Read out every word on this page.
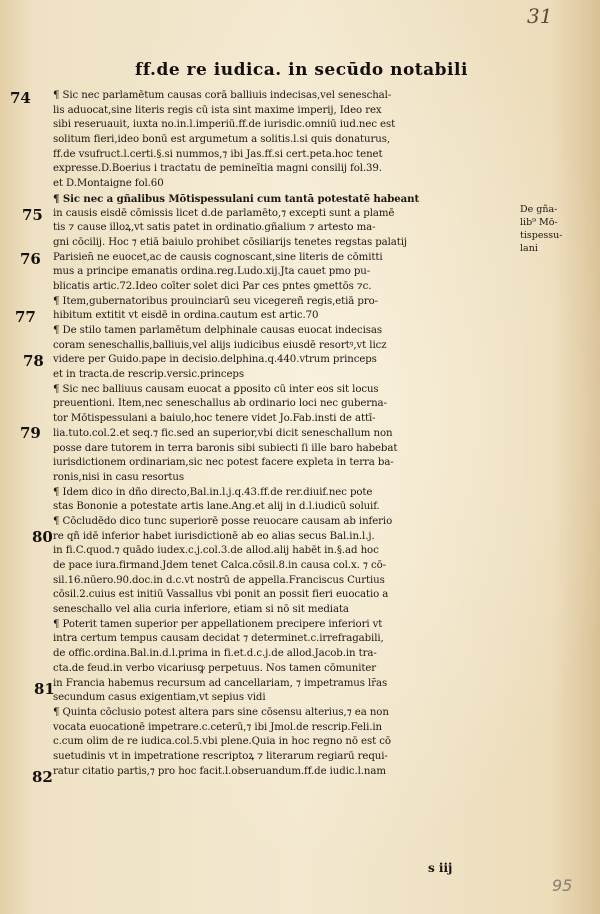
31
ff.de re iudica. in secūdo notabili
74
75
76
77
78
79
80
81
82
¶ Sic nec parlamētum causas corā balliuis indecisas,vel seneschal-
lis aduocat,sine literis regis cū ista sint maxime imperij, Ideo rex
sibi reseruauit, iuxta no.in.l.imperiū.ff.de iurisdic.omniū iud.nec est
solitum fieri,ideo bonū est argumetum a solitis.l.si quis donaturus,
ff.de vsufruct.l.certi.§.si nummos,⁊ ibi Jas.ff.si cert.peta.hoc tenet
expresse.D.Boerius i tractatu de pemineītia magni consilij fol.39.
et D.Montaigne fol.60
¶ Sic nec a gñalibus Mōtispessulani cum tantā potestatē habeant
in causis eisdē cōmissis licet d.de parlamēto,⁊ excepti sunt a plamē
tis ⁊ cause illoꝝ,vt satis patet in ordinatio.gñalium ⁊ artesto ma-
gni cōcilij. Hoc ⁊ etiā baiulo prohibet cōsiliarijs tenetes regstas palatij
Parisien̄ ne euocet,ac de causis cognoscant,sine literis de cōmitti
mus a principe emanatis ordina.reg.Ludo.xij.Jta cauet pmo pu-
blicatis artic.72.Ideo coīter solet dici Par ces pntes ꝯmettōs ⁊c.
¶ Item,gubernatoribus prouinciarū seu vicegereñ regis,etiā pro-
hibitum extitit vt eisdē in ordina.cautum est artic.70
¶ De stilo tamen parlamētum delphinale causas euocat indecisas
coram seneschallis,balliuis,vel alijs iudicibus eiusdē resortꝰ,vt licz
videre per Guido.pape in decisio.delphina.q.440.vtrum princeps
et in tracta.de rescrip.versic.princeps
¶ Sic nec balliuus causam euocat a ꝑposito cū inter eos sit locus
preuentioni. Item,nec seneschallus ab ordinario loci nec guberna-
tor Mōtispessulani a baiulo,hoc tenere videt Jo.Fab.insti de attī-
lia.tuto.col.2.et seq.⁊ fic.sed an superior,vbi dicit seneschallum non
posse dare tutorem in terra baronis sibi subiecti ſi ille baro habebat
iurisdictionem ordinariam,sic nec potest facere expleta in terra ba-
ronis,nisi in casu resortus
¶ Idem dico in dño directo,Bal.in.l.j.q.43.ff.de rer.diuif.nec pote
stas Bononie a potestate artis lane.Ang.et alij in d.l.iudicū soluif.
¶ Cōcludēdo dico tunc superiorē posse reuocare causam ab inferio
re qñ idē inferior habet iurisdictionē ab eo alias secus Bal.in.l.j.
in fi.C.quod.⁊ quādo iudex.c.j.col.3.de allod.alij habēt in.§.ad hoc
de pace iura.firmand.Jdem tenet Calca.cōsil.8.in causa col.x. ⁊ cō-
sil.16.nūero.90.doc.in d.c.vt nostrū de appella.Franciscus Curtius
cōsil.2.cuius est initiū Vassallus vbi ponit an possit fieri euocatio a
seneschallo vel alia curia inferiore, etiam si nō sit mediata
¶ Poterit tamen superior per appellationem precipere inferiori vt
intra certum tempus causam decidat ⁊ determinet.c.irrefragabili,
de offic.ordina.Bal.in.d.l.prima in fi.et.d.c.j.de allod.Jacob.in tra-
cta.de feud.in verbo vicariusꝙ perpetuus. Nos tamen cōmuniter
in Francia habemus recursum ad cancellariam, ⁊ impetramus lr̄as
secundum casus exigentiam,vt sepius vidi
¶ Quinta cōclusio potest altera pars sine cōsensu alterius,⁊ ea non
vocata euocationē impetrare.c.ceterū,⁊ ibi Jmol.de rescrip.Feli.in
c.cum olim de re iudica.col.5.vbi plene.Quia in hoc regno nō est cō
suetudinis vt in impetratione rescriptoꝝ ⁊ literarum regiarū requi-
ratur citatio partis,⁊ pro hoc facit.l.obseruandum.ff.de iudic.l.nam
De gña-
lib⁹ Mō-
tispessu-
lani
s iij
95
